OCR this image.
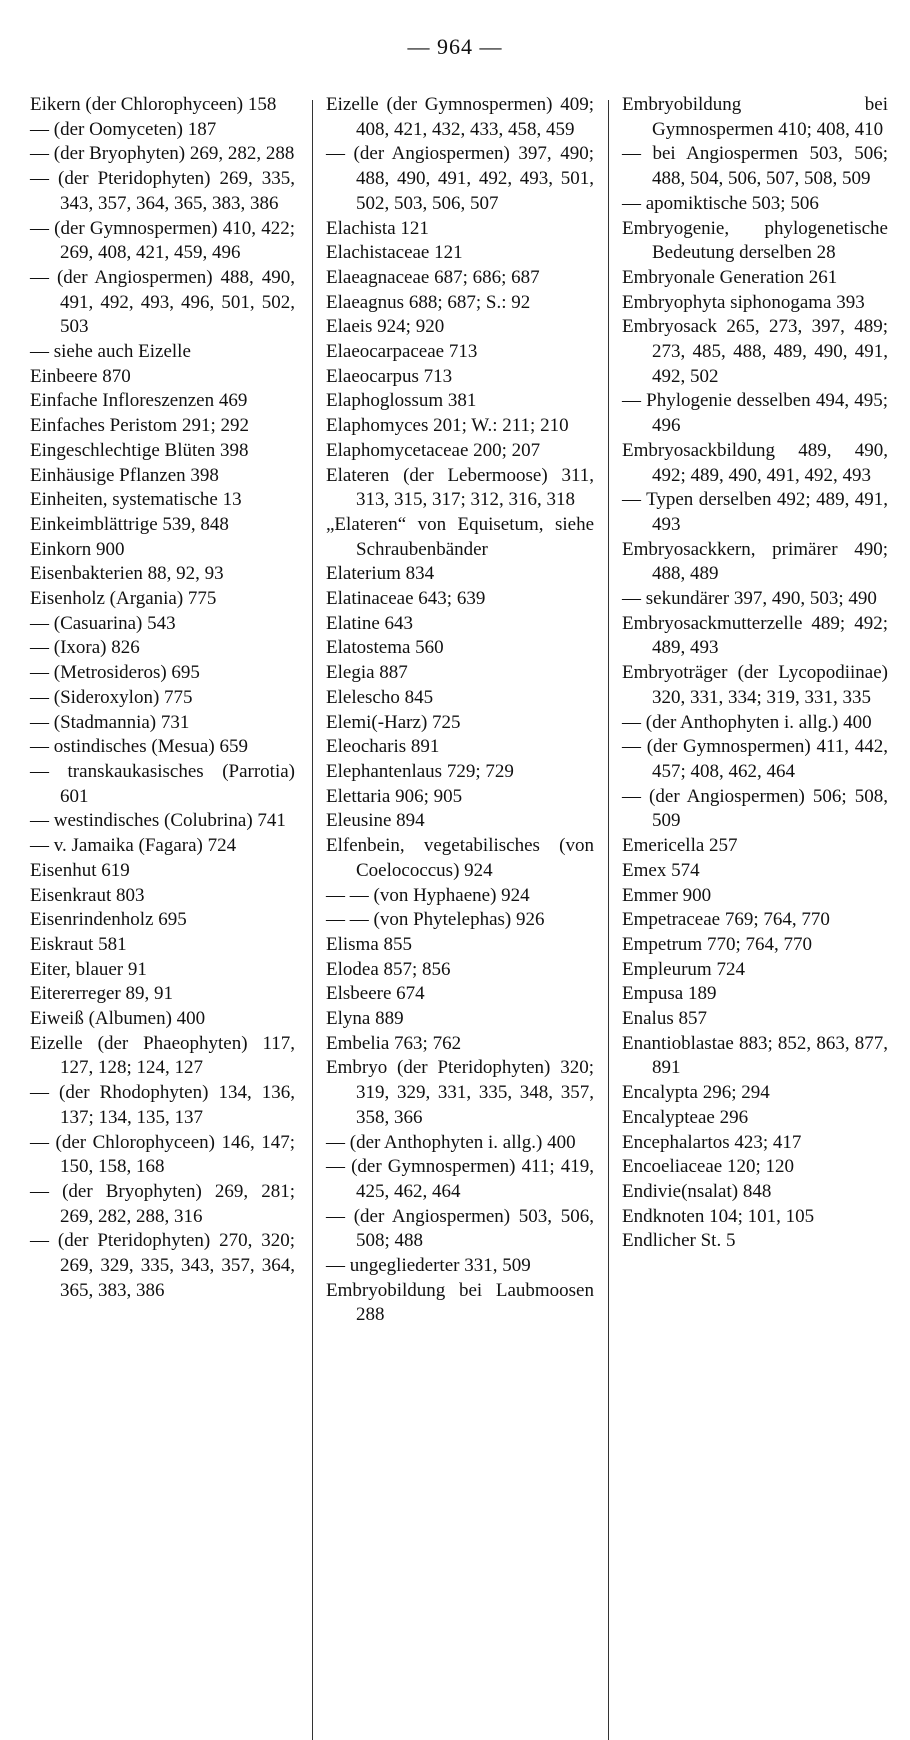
— 964 —

Eikern (der Chlorophyceen) 158

— (der Oomyceten) 187

— (der Bryophyten) 269, 282, 288

— (der Pteridophyten) 269, 335, 343, 357, 364, 365, 383, 386

— (der Gymnospermen) 410, 422; 269, 408, 421, 459, 496

— (der Angiospermen) 488, 490, 491, 492, 493, 496, 501, 502, 503

— siehe auch Eizelle

Einbeere 870

Einfache Infloreszenzen 469

Einfaches Peristom 291; 292

Eingeschlechtige Blüten 398

Einhäusige Pflanzen 398

Einheiten, systematische 13

Einkeimblättrige 539, 848

Einkorn 900

Eisenbakterien 88, 92, 93

Eisenholz (Argania) 775

— (Casuarina) 543

— (Ixora) 826

— (Metrosideros) 695

— (Sideroxylon) 775

— (Stadmannia) 731

— ostindisches (Mesua) 659

— transkaukasisches (Parrotia) 601

— westindisches (Colubrina) 741

— v. Jamaika (Fagara) 724

Eisenhut 619

Eisenkraut 803

Eisenrindenholz 695

Eiskraut 581

Eiter, blauer 91

Eitererreger 89, 91

Eiweiß (Albumen) 400

Eizelle (der Phaeophyten) 117, 127, 128; 124, 127

— (der Rhodophyten) 134, 136, 137; 134, 135, 137

— (der Chlorophyceen) 146, 147; 150, 158, 168

— (der Bryophyten) 269, 281; 269, 282, 288, 316

— (der Pteridophyten) 270, 320; 269, 329, 335, 343, 357, 364, 365, 383, 386

Eizelle (der Gymnospermen) 409; 408, 421, 432, 433, 458, 459

— (der Angiospermen) 397, 490; 488, 490, 491, 492, 493, 501, 502, 503, 506, 507

Elachista 121

Elachistaceae 121

Elaeagnaceae 687; 686; 687

Elaeagnus 688; 687; S.: 92

Elaeis 924; 920

Elaeocarpaceae 713

Elaeocarpus 713

Elaphoglossum 381

Elaphomyces 201; W.: 211; 210

Elaphomycetaceae 200; 207

Elateren (der Lebermoose) 311, 313, 315, 317; 312, 316, 318

„Elateren“ von Equisetum, siehe Schraubenbänder

Elaterium 834

Elatinaceae 643; 639

Elatine 643

Elatostema 560

Elegia 887

Elelescho 845

Elemi(-Harz) 725

Eleocharis 891

Elephantenlaus 729; 729

Elettaria 906; 905

Eleusine 894

Elfenbein, vegetabilisches (von Coelococcus) 924

— — (von Hyphaene) 924

— — (von Phytelephas) 926

Elisma 855

Elodea 857; 856

Elsbeere 674

Elyna 889

Embelia 763; 762

Embryo (der Pteridophyten) 320; 319, 329, 331, 335, 348, 357, 358, 366

— (der Anthophyten i. allg.) 400

— (der Gymnospermen) 411; 419, 425, 462, 464

— (der Angiospermen) 503, 506, 508; 488

— ungegliederter 331, 509

Embryobildung bei Laubmoosen 288

Embryobildung bei Gymnospermen 410; 408, 410

— bei Angiospermen 503, 506; 488, 504, 506, 507, 508, 509

— apomiktische 503; 506

Embryogenie, phylogenetische Bedeutung derselben 28

Embryonale Generation 261

Embryophyta siphonogama 393

Embryosack 265, 273, 397, 489; 273, 485, 488, 489, 490, 491, 492, 502

— Phylogenie desselben 494, 495; 496

Embryosackbildung 489, 490, 492; 489, 490, 491, 492, 493

— Typen derselben 492; 489, 491, 493

Embryosackkern, primärer 490; 488, 489

— sekundärer 397, 490, 503; 490

Embryosackmutterzelle 489; 492; 489, 493

Embryoträger (der Lycopodiinae) 320, 331, 334; 319, 331, 335

— (der Anthophyten i. allg.) 400

— (der Gymnospermen) 411, 442, 457; 408, 462, 464

— (der Angiospermen) 506; 508, 509

Emericella 257

Emex 574

Emmer 900

Empetraceae 769; 764, 770

Empetrum 770; 764, 770

Empleurum 724

Empusa 189

Enalus 857

Enantioblastae 883; 852, 863, 877, 891

Encalypta 296; 294

Encalypteae 296

Encephalartos 423; 417

Encoeliaceae 120; 120

Endivie(nsalat) 848

Endknoten 104; 101, 105

Endlicher St. 5
